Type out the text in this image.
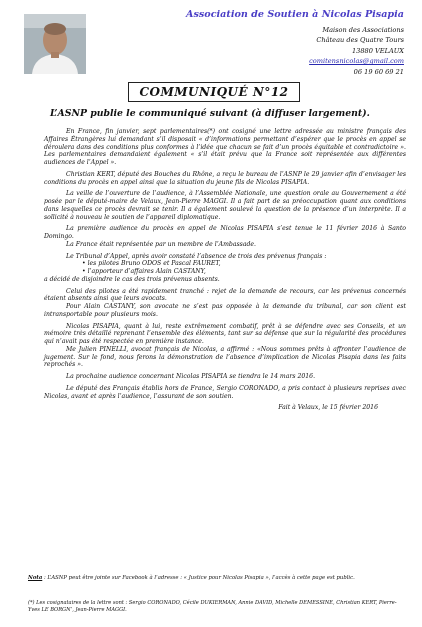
Association de Soutien à Nicolas Pisapia
Maison des Associations
Château des Quatre Tours
13880 VELAUX
comitensnicolas@gmail.com
06 19 60 69 21
COMMUNIQUÉ N°12
L’ASNP publie le communiqué suivant (à diffuser largement).

En France, fin janvier, sept parlementaires(*) ont cosigné une lettre adressée au ministre français des Affaires Étrangères lui demandant s’il disposait « d’informations permettant d’espérer que le procès en appel se déroulera dans des conditions plus conformes à l’idée que chacun se fait d’un procès équitable et contradictoire ». Les parlementaires demandaient également « s’il était prévu que la France soit représentée aux différentes audiences de l’Appel ».

Christian KERT, député des Bouches du Rhône, a reçu le bureau de l’ASNP le 29 janvier afin d’envisager les conditions du procès en appel ainsi que la situation du jeune fils de Nicolas PISAPIA.

La veille de l’ouverture de l’audience, à l’Assemblée Nationale, une question orale au Gouvernement a été posée par le député-maire de Velaux, Jean-Pierre MAGGI. Il a fait part de sa préoccupation quant aux conditions dans lesquelles ce procès devrait se tenir. Il a également soulevé la question de la présence d’un interprète. Il a sollicité à nouveau le soutien de l’appareil diplomatique.

La première audience du procès en appel de Nicolas PISAPIA s’est tenue le 11 février 2016 à Santo Domingo.

La France était représentée par un membre de l’Ambassade.

Le Tribunal d’Appel, après avoir constaté l’absence de trois des prévenus français :

• les pilotes Bruno ODOS et Pascal FAURET,
• l’apporteur d’affaires Alain CASTANY,

a décidé de disjoindre le cas des trois prévenus absents.

Celui des pilotes a été rapidement tranché : rejet de la demande de recours, car les prévenus concernés étaient absents ainsi que leurs avocats.

Pour Alain CASTANY, son avocate ne s’est pas opposée à la demande du tribunal, car son client est intransportable pour plusieurs mois.

Nicolas PISAPIA, quant à lui, reste extrêmement combatif, prêt à se défendre avec ses Conseils, et un mémoire très détaillé reprenant l’ensemble des éléments, tant sur sa défense que sur la régularité des procédures qui n’avait pas été respectée en première instance.

Me Julien PINELLI, avocat français de Nicolas, a affirmé : «Nous sommes prêts à affronter l’audience de jugement. Sur le fond, nous ferons la démonstration de l’absence d’implication de Nicolas Pisapia dans les faits reprochés ».

La prochaine audience concernant Nicolas PISAPIA se tiendra le 14 mars 2016.

Le député des Français établis hors de France, Sergio CORONADO, a pris contact à plusieurs reprises avec Nicolas, avant et après l’audience, l’assurant de son soutien.

Fait à Velaux, le 15 février 2016
Nota : L’ASNP peut être jointe sur Facebook à l’adresse : « Justice pour Nicolas Pisapia », l’accès à cette page est public.
(*) Les cosignataires de la lettre sont : Sergio CORONADO, Cécile DUKIERMAN, Annie DAVID, Michelle DEMESSINE, Christian KERT, Pierre-Yves LE BORGN’, Jean-Pierre MAGGI.
